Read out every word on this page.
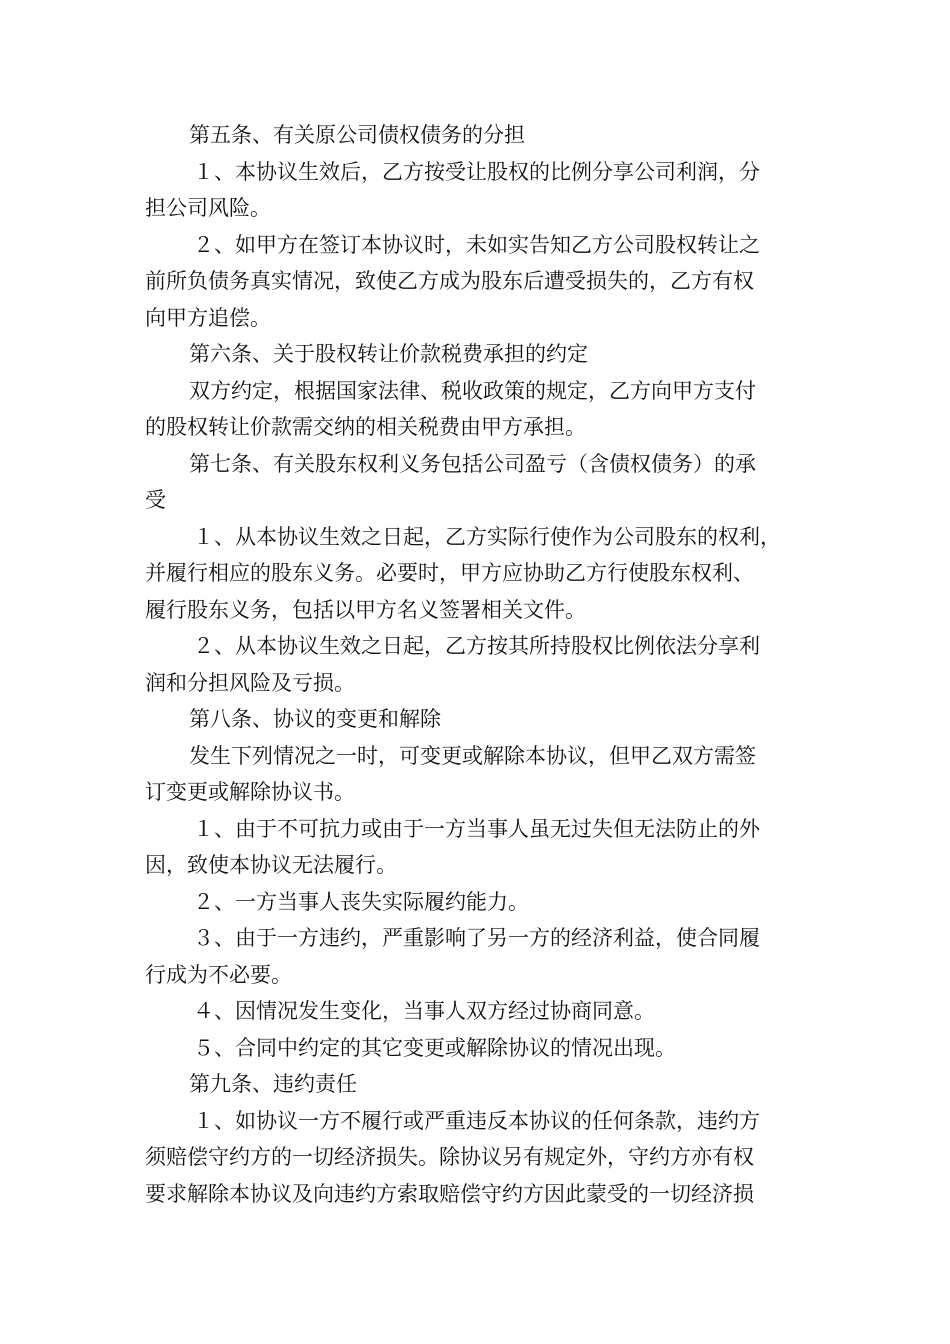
第五条、有关原公司债权债务的分担
１、本协议生效后，乙方按受让股权的比例分享公司利润，分
担公司风险。
２、如甲方在签订本协议时，未如实告知乙方公司股权转让之
前所负债务真实情况，致使乙方成为股东后遭受损失的，乙方有权
向甲方追偿。
第六条、关于股权转让价款税费承担的约定
双方约定，根据国家法律、税收政策的规定，乙方向甲方支付
的股权转让价款需交纳的相关税费由甲方承担。
第七条、有关股东权利义务包括公司盈亏（含债权债务）的承
受
１、从本协议生效之日起，乙方实际行使作为公司股东的权利，
并履行相应的股东义务。必要时，甲方应协助乙方行使股东权利、
履行股东义务，包括以甲方名义签署相关文件。
２、从本协议生效之日起，乙方按其所持股权比例依法分享利
润和分担风险及亏损。
第八条、协议的变更和解除
发生下列情况之一时，可变更或解除本协议，但甲乙双方需签
订变更或解除协议书。
１、由于不可抗力或由于一方当事人虽无过失但无法防止的外
因，致使本协议无法履行。
２、一方当事人丧失实际履约能力。
３、由于一方违约，严重影响了另一方的经济利益，使合同履
行成为不必要。
４、因情况发生变化，当事人双方经过协商同意。
５、合同中约定的其它变更或解除协议的情况出现。
第九条、违约责任
１、如协议一方不履行或严重违反本协议的任何条款，违约方
须赔偿守约方的一切经济损失。除协议另有规定外，守约方亦有权
要求解除本协议及向违约方索取赔偿守约方因此蒙受的一切经济损
